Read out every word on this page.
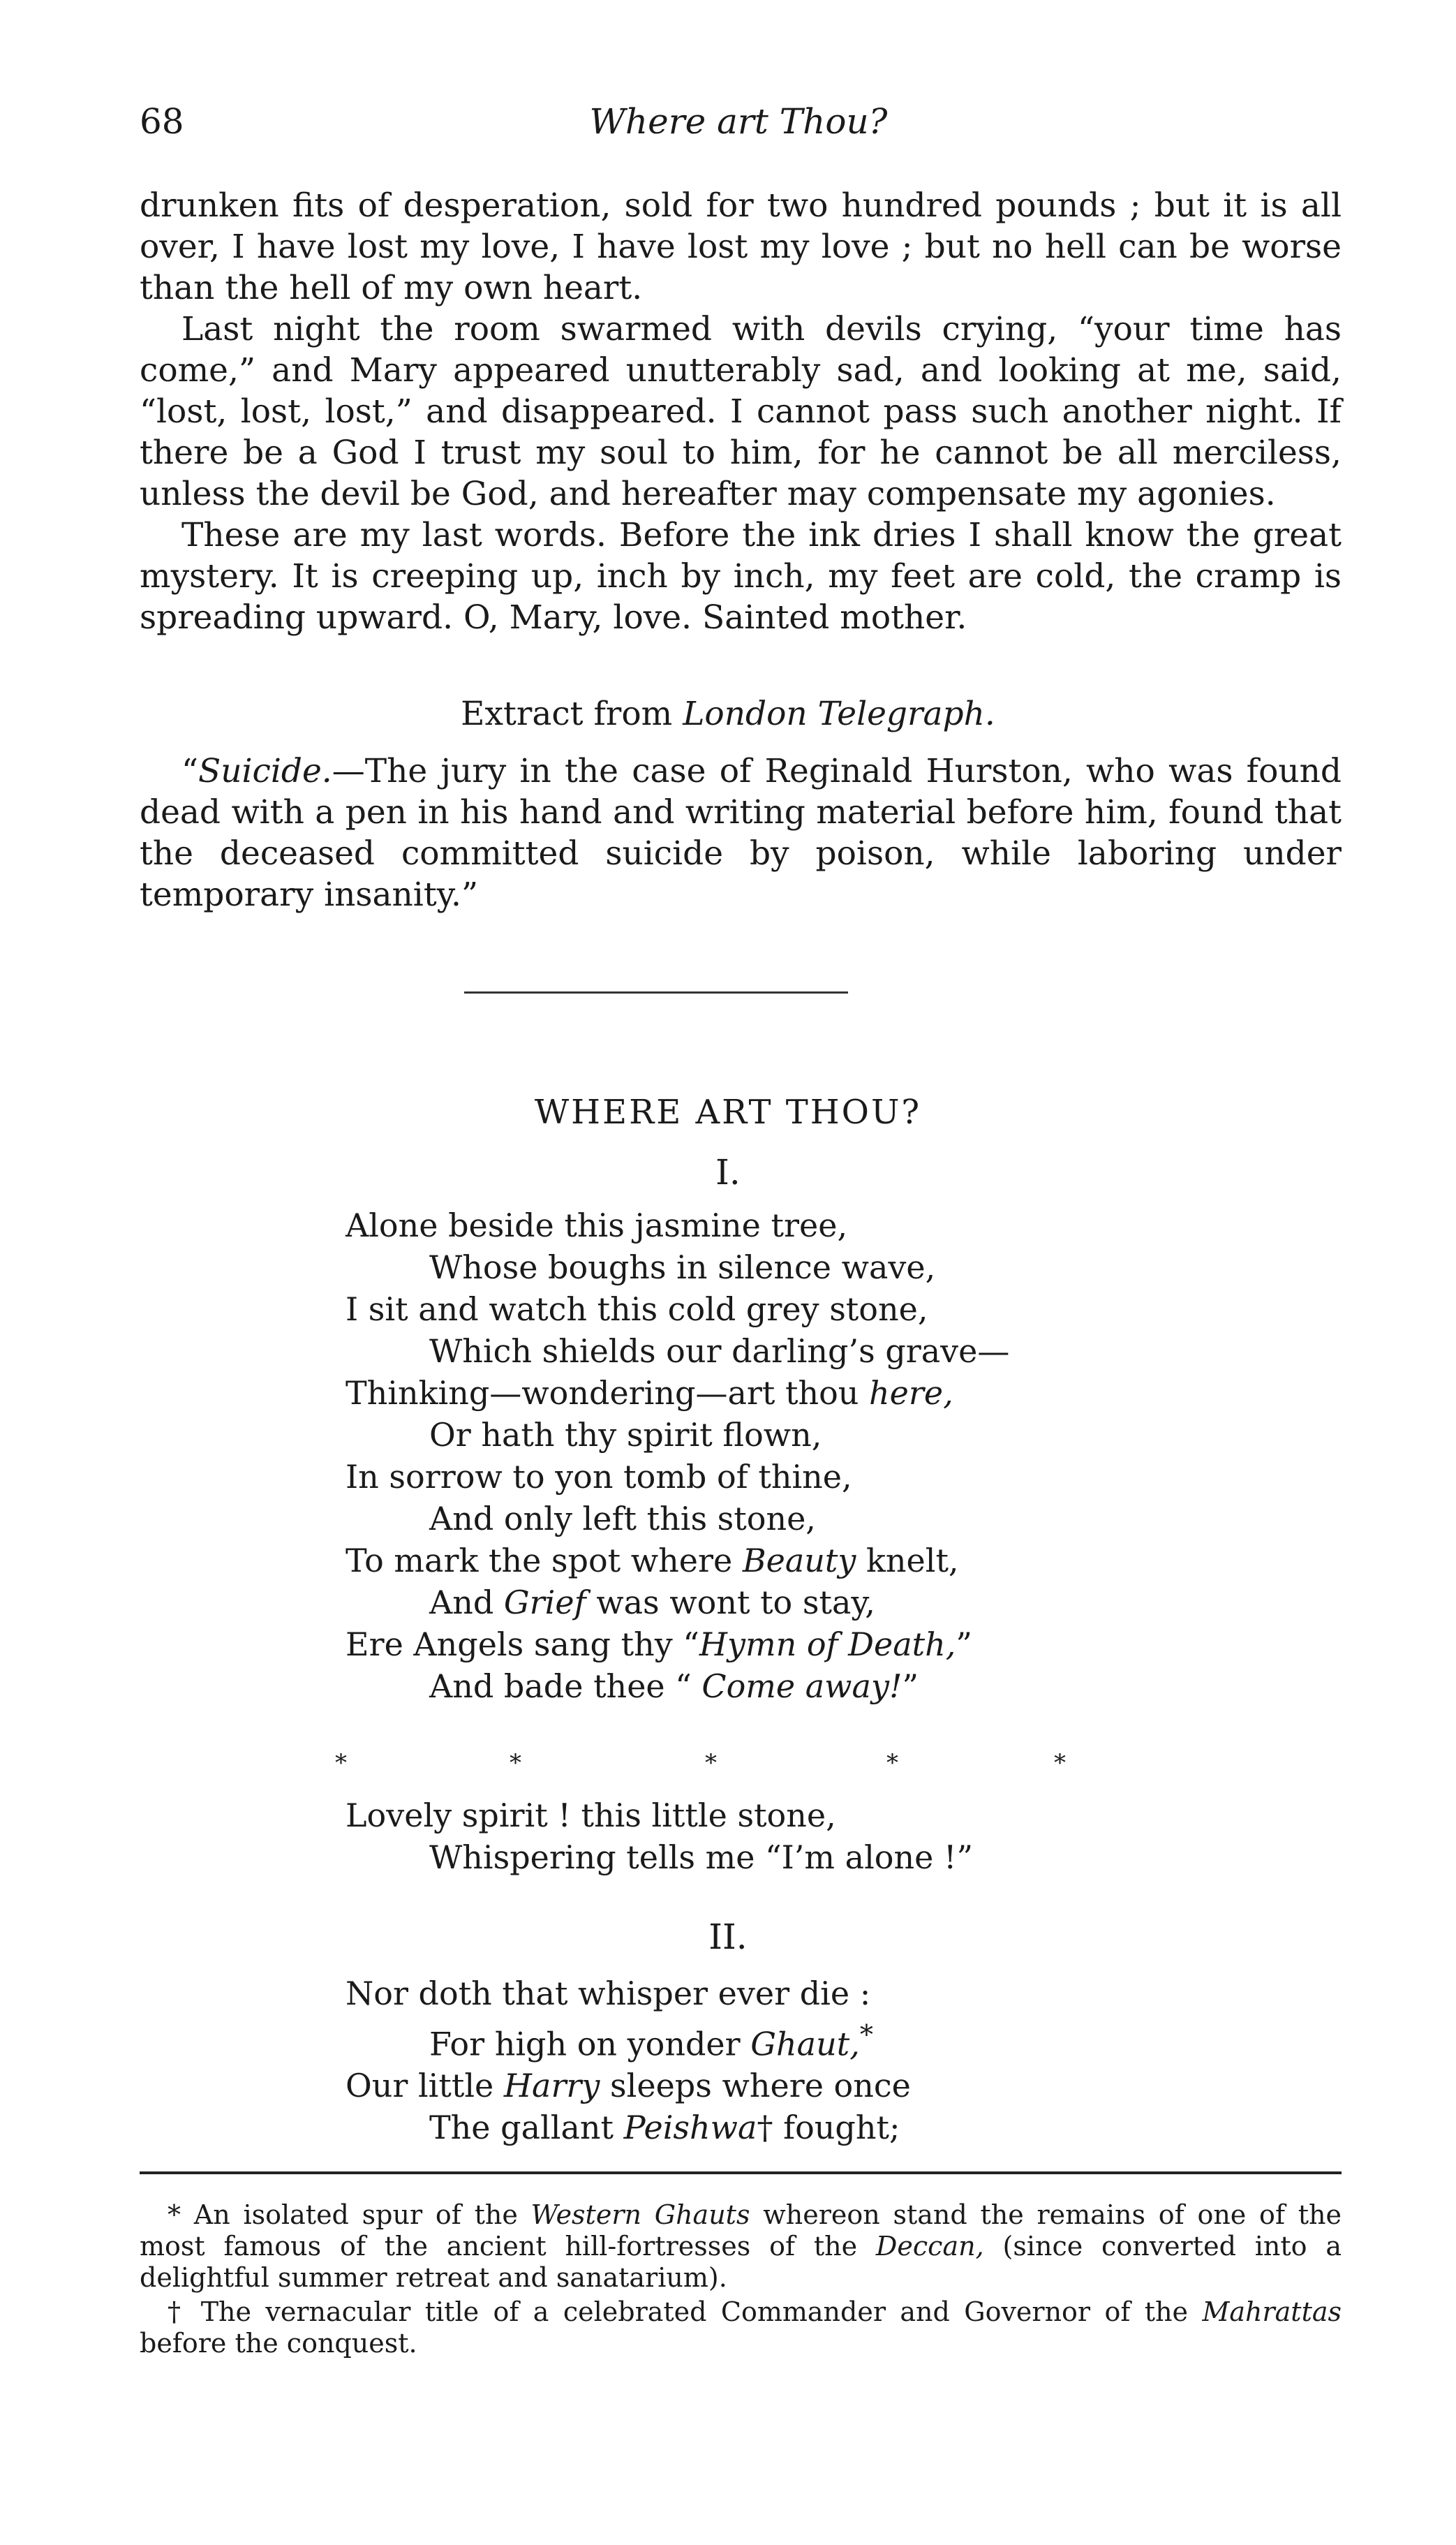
68	Where art Thou?

drunken fits of desperation, sold for two hundred pounds ; but it is all over, I have lost my love, I have lost my love ; but no hell can be worse than the hell of my own heart.

Last night the room swarmed with devils crying, “your time has come,” and Mary appeared unutterably sad, and looking at me, said, “lost, lost, lost,” and disappeared. I cannot pass such another night. If there be a God I trust my soul to him, for he cannot be all merciless, unless the devil be God, and hereafter may compensate my agonies.

These are my last words. Before the ink dries I shall know the great mystery. It is creeping up, inch by inch, my feet are cold, the cramp is spreading upward. O, Mary, love. Sainted mother.

Extract from London Telegraph.

“Suicide.—The jury in the case of Reginald Hurston, who was found dead with a pen in his hand and writing material before him, found that the deceased committed suicide by poison, while laboring under temporary insanity.”

WHERE ART THOU?
I.
Alone beside this jasmine tree,
Whose boughs in silence wave,
I sit and watch this cold grey stone,
Which shields our darling’s grave—
Thinking—wondering—art thou here,
Or hath thy spirit flown,
In sorrow to yon tomb of thine,
And only left this stone,
To mark the spot where Beauty knelt,
And Grief was wont to stay,
Ere Angels sang thy “Hymn of Death,”
And bade thee “ Come away!”
*	*	*	*	*
Lovely spirit ! this little stone,
Whispering tells me “I’m alone !”
II.
Nor doth that whisper ever die :
For high on yonder Ghaut,*
Our little Harry sleeps where once
The gallant Peishwa† fought;

* An isolated spur of the Western Ghauts whereon stand the remains of one of the most famous of the ancient hill-fortresses of the Deccan, (since converted into a delightful summer retreat and sanatarium).

† The vernacular title of a celebrated Commander and Governor of the Mahrattas before the conquest.
